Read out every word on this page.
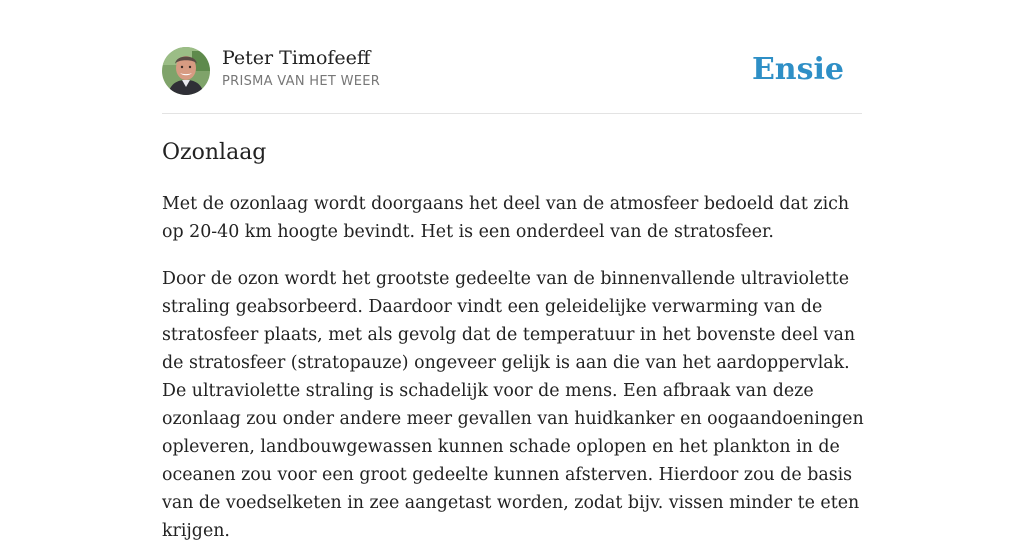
Peter Timofeeff
PRISMA VAN HET WEER	Ensie
Ozonlaag

Met de ozonlaag wordt doorgaans het deel van de atmosfeer bedoeld dat zich op 20-40 km hoogte bevindt. Het is een onderdeel van de stratosfeer.

Door de ozon wordt het grootste gedeelte van de binnenvallende ultraviolette straling geabsorbeerd. Daardoor vindt een geleidelijke verwarming van de stratosfeer plaats, met als gevolg dat de temperatuur in het bovenste deel van de stratosfeer (stratopauze) ongeveer gelijk is aan die van het aardoppervlak. De ultraviolette straling is schadelijk voor de mens. Een afbraak van deze ozonlaag zou onder andere meer gevallen van huidkanker en oogaandoeningen opleveren, landbouwgewassen kunnen schade oplopen en het plankton in de oceanen zou voor een groot gedeelte kunnen afsterven. Hierdoor zou de basis van de voedselketen in zee aangetast worden, zodat bijv. vissen minder te eten krijgen.
